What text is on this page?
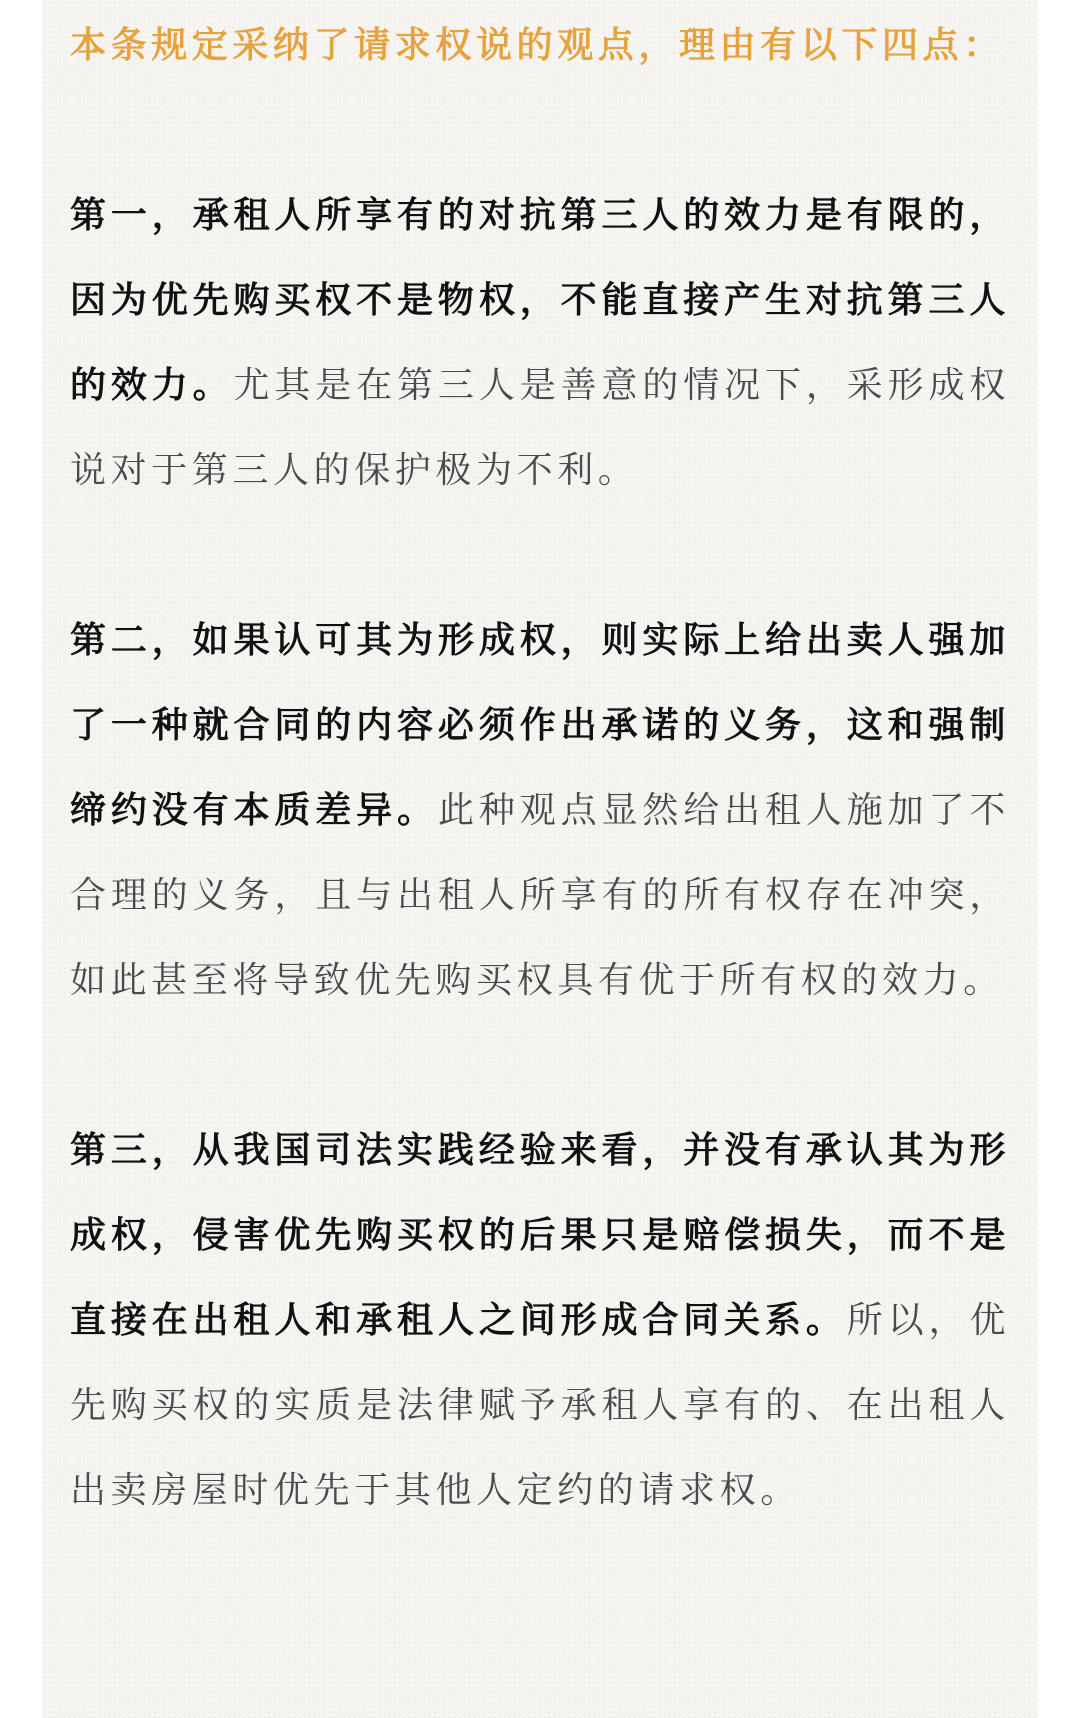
本条规定采纳了请求权说的观点，理由有以下四点：

第一，承租人所享有的对抗第三人的效力是有限的，因为优先购买权不是物权，不能直接产生对抗第三人的效力。尤其是在第三人是善意的情况下，采形成权说对于第三人的保护极为不利。

第二，如果认可其为形成权，则实际上给出卖人强加了一种就合同的内容必须作出承诺的义务，这和强制缔约没有本质差异。此种观点显然给出租人施加了不合理的义务，且与出租人所享有的所有权存在冲突，如此甚至将导致优先购买权具有优于所有权的效力。

第三，从我国司法实践经验来看，并没有承认其为形成权，侵害优先购买权的后果只是赔偿损失，而不是直接在出租人和承租人之间形成合同关系。所以，优先购买权的实质是法律赋予承租人享有的、在出租人出卖房屋时优先于其他人定约的请求权。
